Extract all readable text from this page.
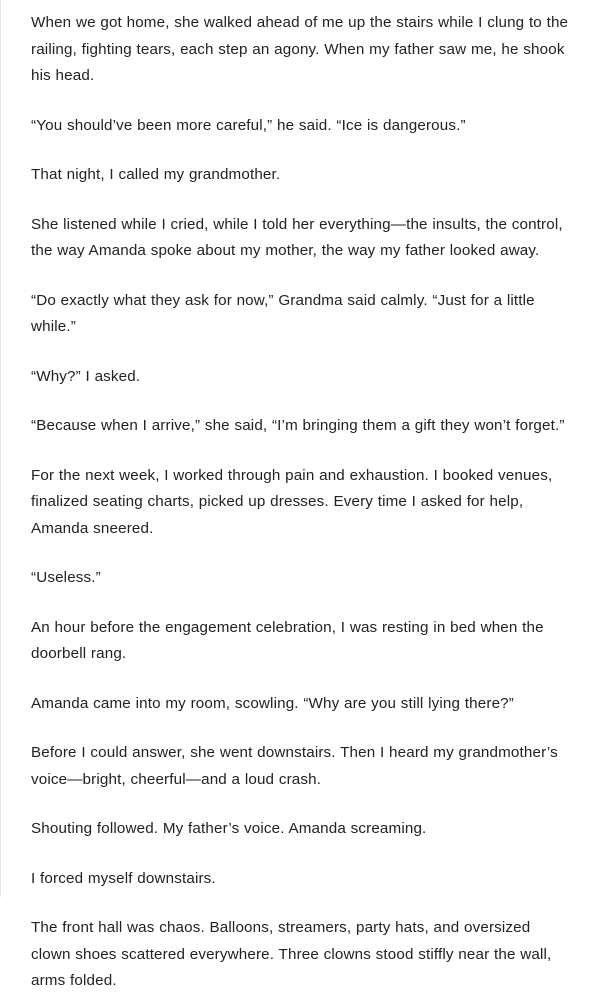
When we got home, she walked ahead of me up the stairs while I clung to the railing, fighting tears, each step an agony. When my father saw me, he shook his head.

“You should’ve been more careful,” he said. “Ice is dangerous.”

That night, I called my grandmother.

She listened while I cried, while I told her everything—the insults, the control, the way Amanda spoke about my mother, the way my father looked away.

“Do exactly what they ask for now,” Grandma said calmly. “Just for a little while.”

“Why?” I asked.

“Because when I arrive,” she said, “I’m bringing them a gift they won’t forget.”

For the next week, I worked through pain and exhaustion. I booked venues, finalized seating charts, picked up dresses. Every time I asked for help, Amanda sneered.

“Useless.”

An hour before the engagement celebration, I was resting in bed when the doorbell rang.

Amanda came into my room, scowling. “Why are you still lying there?”

Before I could answer, she went downstairs. Then I heard my grandmother’s voice—bright, cheerful—and a loud crash.

Shouting followed. My father’s voice. Amanda screaming.

I forced myself downstairs.

The front hall was chaos. Balloons, streamers, party hats, and oversized clown shoes scattered everywhere. Three clowns stood stiffly near the wall, arms folded.
